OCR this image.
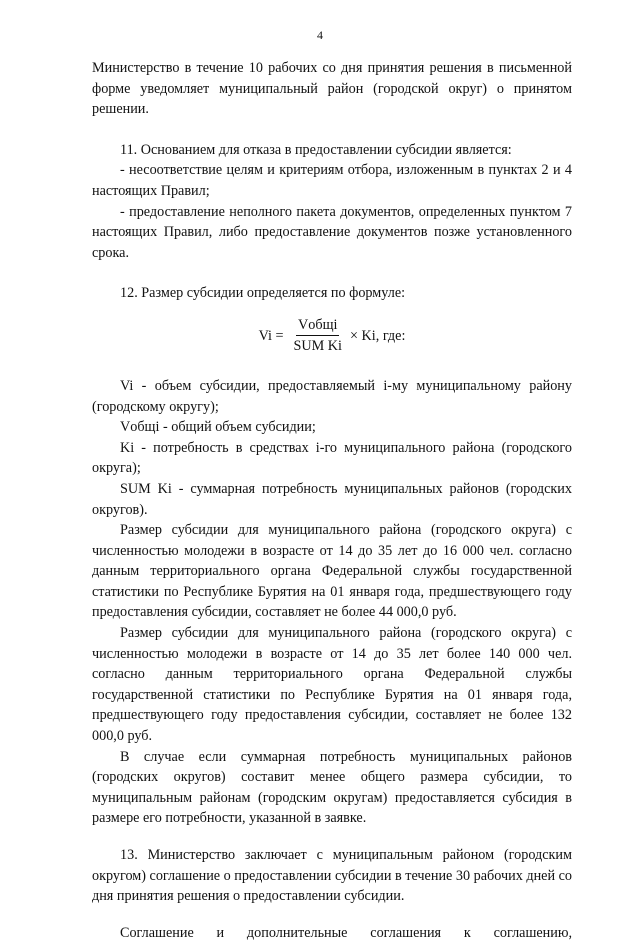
4

Министерство в течение 10 рабочих со дня принятия решения в письменной форме уведомляет муниципальный район (городской округ) о принятом решении.

11. Основанием для отказа в предоставлении субсидии является:

- несоответствие целям и критериям отбора, изложенным в пунктах 2 и 4 настоящих Правил;

- предоставление неполного пакета документов, определенных пунктом 7 настоящих Правил, либо предоставление документов позже установленного срока.

12. Размер субсидии определяется по формуле:

$Vi = \frac{\text{Vобщi}}{\text{SUM Ki}} \times Ki$, где:

Vi - объем субсидии, предоставляемый i-му муниципальному району (городскому округу);

Vобщi - общий объем субсидии;

Ki - потребность в средствах i-го муниципального района (городского округа);

SUM Ki - суммарная потребность муниципальных районов (городских округов).

Размер субсидии для муниципального района (городского округа) с численностью молодежи в возрасте от 14 до 35 лет до 16 000 чел. согласно данным территориального органа Федеральной службы государственной статистики по Республике Бурятия на 01 января года, предшествующего году предоставления субсидии, составляет не более 44 000,0 руб.

Размер субсидии для муниципального района (городского округа) с численностью молодежи в возрасте от 14 до 35 лет более 140 000 чел. согласно данным территориального органа Федеральной службы государственной статистики по Республике Бурятия на 01 января года, предшествующего году предоставления субсидии, составляет не более 132 000,0 руб.

В случае если суммарная потребность муниципальных районов (городских округов) составит менее общего размера субсидии, то муниципальным районам (городским округам) предоставляется субсидия в размере его потребности, указанной в заявке.

13. Министерство заключает с муниципальным районом (городским округом) соглашение о предоставлении субсидии в течение 30 рабочих дней со дня принятия решения о предоставлении субсидии.

Соглашение и дополнительные соглашения к соглашению,
